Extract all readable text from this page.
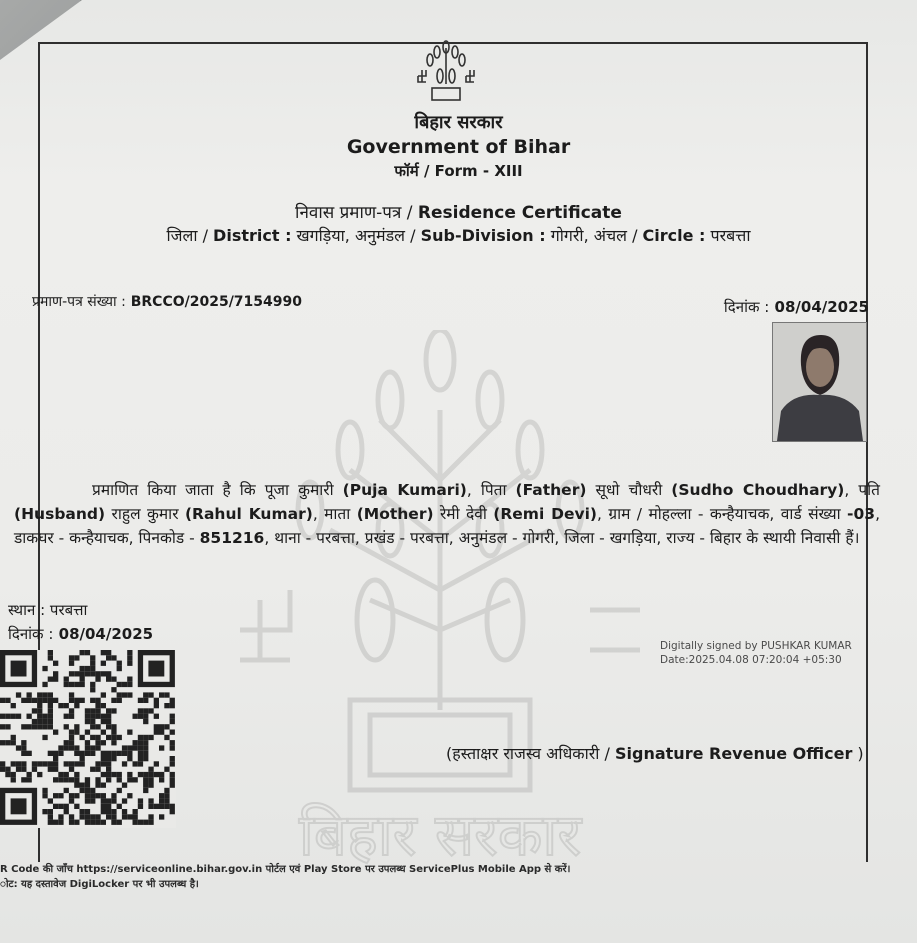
बिहार सरकार
बिहार सरकार
Government of Bihar
फॉर्म / Form - XIII
निवास प्रमाण-पत्र / Residence Certificate
जिला / District : खगड़िया, अनुमंडल / Sub-Division : गोगरी, अंचल / Circle : परबत्ता
प्रमाण-पत्र संख्या : BRCCO/2025/7154990	दिनांक : 08/04/2025
प्रमाणित किया जाता है कि पूजा कुमारी (Puja Kumari), पिता (Father) सूधो चौधरी (Sudho Choudhary), पति (Husband) राहुल कुमार (Rahul Kumar), माता (Mother) रेमी देवी (Remi Devi), ग्राम / मोहल्ला - कन्हैयाचक, वार्ड संख्या -03, डाकघर - कन्हैयाचक, पिनकोड - 851216, थाना - परबत्ता, प्रखंड - परबत्ता, अनुमंडल - गोगरी, जिला - खगड़िया, राज्य - बिहार के स्थायी निवासी हैं।
स्थान : परबत्ता
दिनांक : 08/04/2025
Digitally signed by PUSHKAR KUMAR
Date:2025.04.08 07:20:04 +05:30
(हस्ताक्षर राजस्व अधिकारी / Signature Revenue Officer )
R Code की जाँच https://serviceonline.bihar.gov.in पोर्टल एवं Play Store पर उपलब्ध ServicePlus Mobile App से करें।
ोट: यह दस्तावेज DigiLocker पर भी उपलब्ध है।
